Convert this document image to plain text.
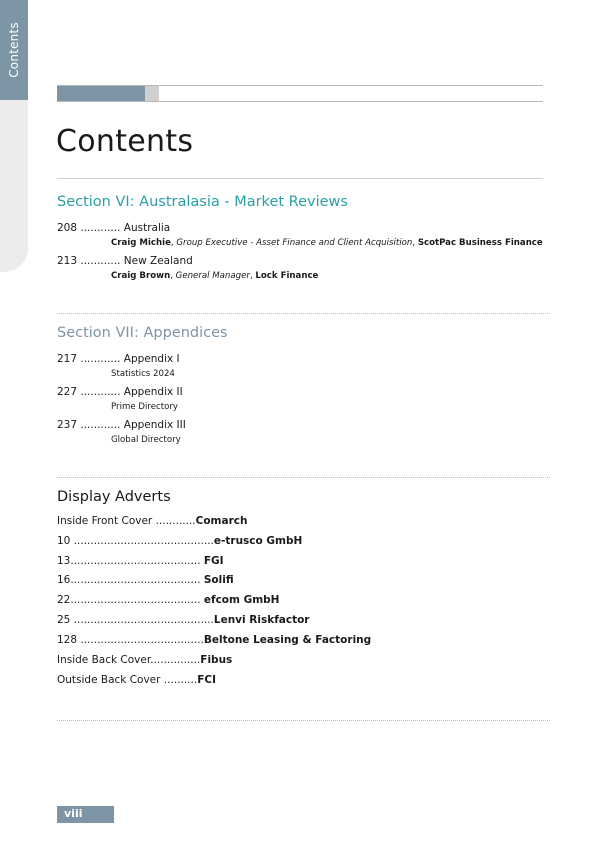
Contents
Contents
Section VI: Australasia - Market Reviews
208 ............ Australia
Craig Michie, Group Executive - Asset Finance and Client Acquisition, ScotPac Business Finance
213 ............ New Zealand
Craig Brown, General Manager, Lock Finance
Section VII: Appendices
217 ............ Appendix I
Statistics 2024
227 ............ Appendix II
Prime Directory
237 ............ Appendix III
Global Directory
Display Adverts
Inside Front Cover ............Comarch
10 ..........................................e-trusco GmbH
13....................................... FGI
16....................................... Solifi
22....................................... efcom GmbH
25 ..........................................Lenvi Riskfactor
128 .....................................Beltone Leasing & Factoring
Inside Back Cover...............Fibus
Outside Back Cover ..........FCI
viii
